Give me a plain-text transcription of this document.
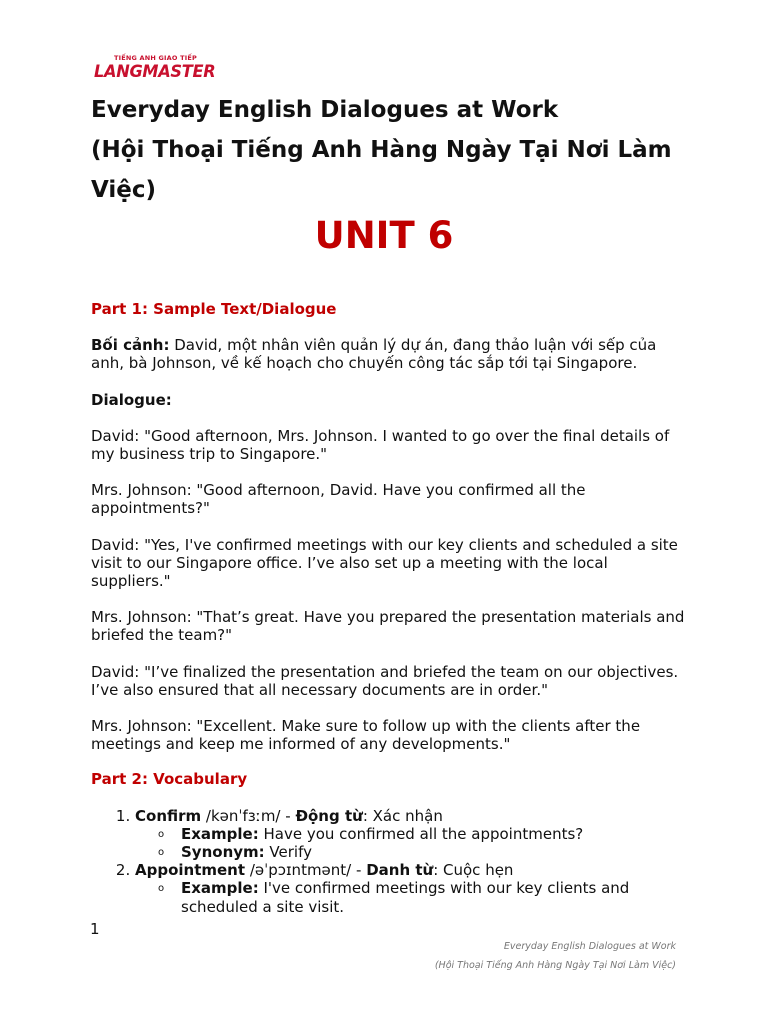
TIẾNG ANH GIAO TIẾP
LANGMASTER
Everyday English Dialogues at Work
(Hội Thoại Tiếng Anh Hàng Ngày Tại Nơi Làm Việc)
UNIT 6

Part 1: Sample Text/Dialogue

Bối cảnh: David, một nhân viên quản lý dự án, đang thảo luận với sếp của anh, bà Johnson, về kế hoạch cho chuyến công tác sắp tới tại Singapore.

Dialogue:

David: "Good afternoon, Mrs. Johnson. I wanted to go over the final details of my business trip to Singapore."

Mrs. Johnson: "Good afternoon, David. Have you confirmed all the appointments?"

David: "Yes, I've confirmed meetings with our key clients and scheduled a site visit to our Singapore office. I’ve also set up a meeting with the local suppliers."

Mrs. Johnson: "That’s great. Have you prepared the presentation materials and briefed the team?"

David: "I’ve finalized the presentation and briefed the team on our objectives. I’ve also ensured that all necessary documents are in order."

Mrs. Johnson: "Excellent. Make sure to follow up with the clients after the meetings and keep me informed of any developments."

Part 2: Vocabulary

1. Confirm /kənˈfɜːm/ - Động từ: Xác nhận
o Example: Have you confirmed all the appointments?
o Synonym: Verify
2. Appointment /əˈpɔɪntmənt/ - Danh từ: Cuộc hẹn
o Example: I've confirmed meetings with our key clients and scheduled a site visit.
1
Everyday English Dialogues at Work
(Hội Thoại Tiếng Anh Hàng Ngày Tại Nơi Làm Việc)
